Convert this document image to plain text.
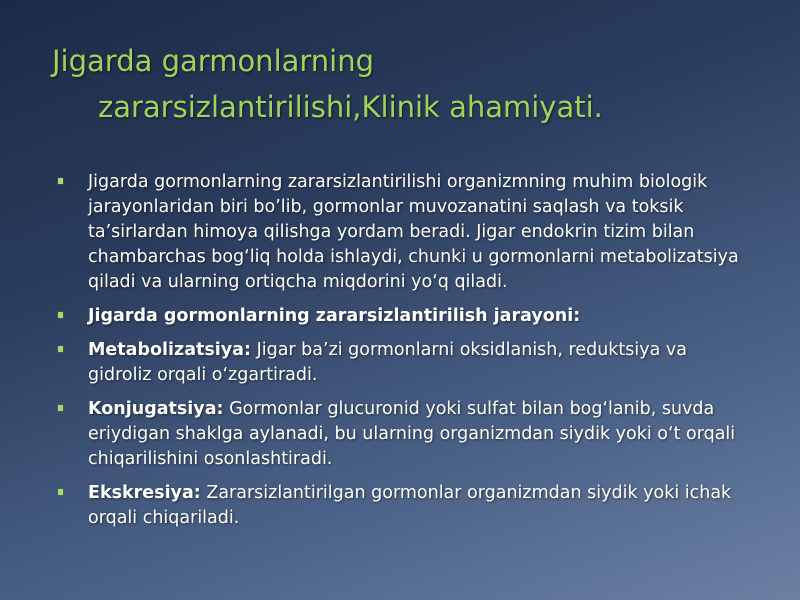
Jigarda garmonlarning
zararsizlantirilishi,Klinik ahamiyati.
Jigarda gormonlarning zararsizlantirilishi organizmning muhim biologik jarayonlaridan biri bo’lib, gormonlar muvozanatini saqlash va toksik ta’sirlardan himoya qilishga yordam beradi. Jigar endokrin tizim bilan chambarchas bog‘liq holda ishlaydi, chunki u gormonlarni metabolizatsiya qiladi va ularning ortiqcha miqdorini yo‘q qiladi.
Jigarda gormonlarning zararsizlantirilish jarayoni:
Metabolizatsiya: Jigar ba’zi gormonlarni oksidlanish, reduktsiya va gidroliz orqali o‘zgartiradi.
Konjugatsiya: Gormonlar glucuronid yoki sulfat bilan bog‘lanib, suvda eriydigan shaklga aylanadi, bu ularning organizmdan siydik yoki o‘t orqali chiqarilishini osonlashtiradi.
Ekskresiya: Zararsizlantirilgan gormonlar organizmdan siydik yoki ichak orqali chiqariladi.
